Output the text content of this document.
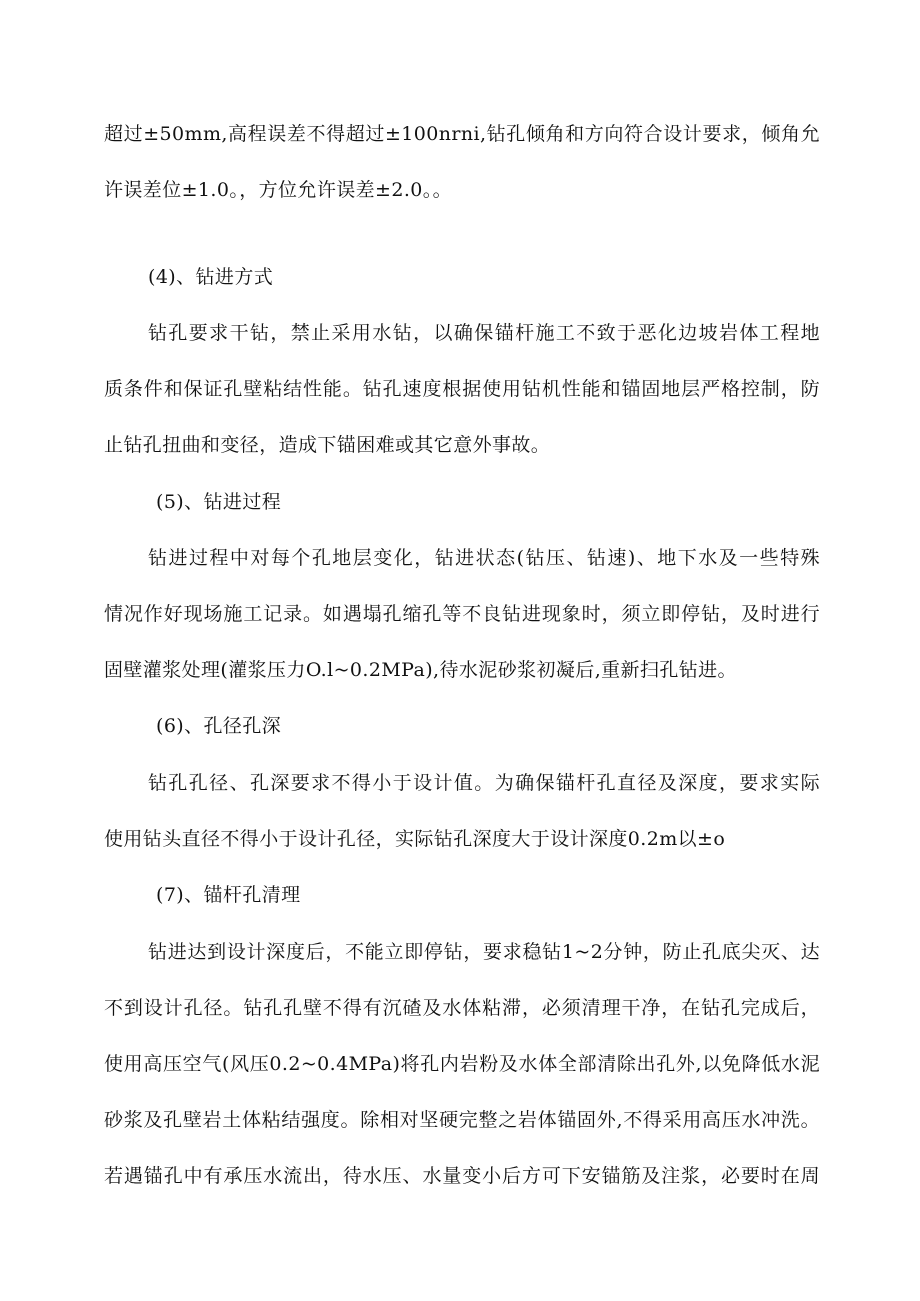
超过±50mm,高程误差不得超过±100nrni,钻孔倾角和方向符合设计要求，倾角允
许误差位±1.0。，方位允许误差±2.0。。
(4)、钻进方式
钻孔要求干钻，禁止采用水钻，以确保锚杆施工不致于恶化边坡岩体工程地
质条件和保证孔壁粘结性能。钻孔速度根据使用钻机性能和锚固地层严格控制，防
止钻孔扭曲和变径，造成下锚困难或其它意外事故。
(5)、钻进过程
钻进过程中对每个孔地层变化，钻进状态(钻压、钻速)、地下水及一些特殊
情况作好现场施工记录。如遇塌孔缩孔等不良钻进现象时，须立即停钻，及时进行
固壁灌浆处理(灌浆压力O.l~0.2MPa),待水泥砂浆初凝后,重新扫孔钻进。
(6)、孔径孔深
钻孔孔径、孔深要求不得小于设计值。为确保锚杆孔直径及深度，要求实际
使用钻头直径不得小于设计孔径，实际钻孔深度大于设计深度0.2m以±o
(7)、锚杆孔清理
钻进达到设计深度后，不能立即停钻，要求稳钻1~2分钟，防止孔底尖灭、达
不到设计孔径。钻孔孔壁不得有沉碴及水体粘滞，必须清理干净，在钻孔完成后，
使用高压空气(风压0.2~0.4MPa)将孔内岩粉及水体全部清除出孔外,以免降低水泥
砂浆及孔壁岩土体粘结强度。除相对坚硬完整之岩体锚固外,不得采用高压水冲洗。
若遇锚孔中有承压水流出，待水压、水量变小后方可下安锚筋及注浆，必要时在周
